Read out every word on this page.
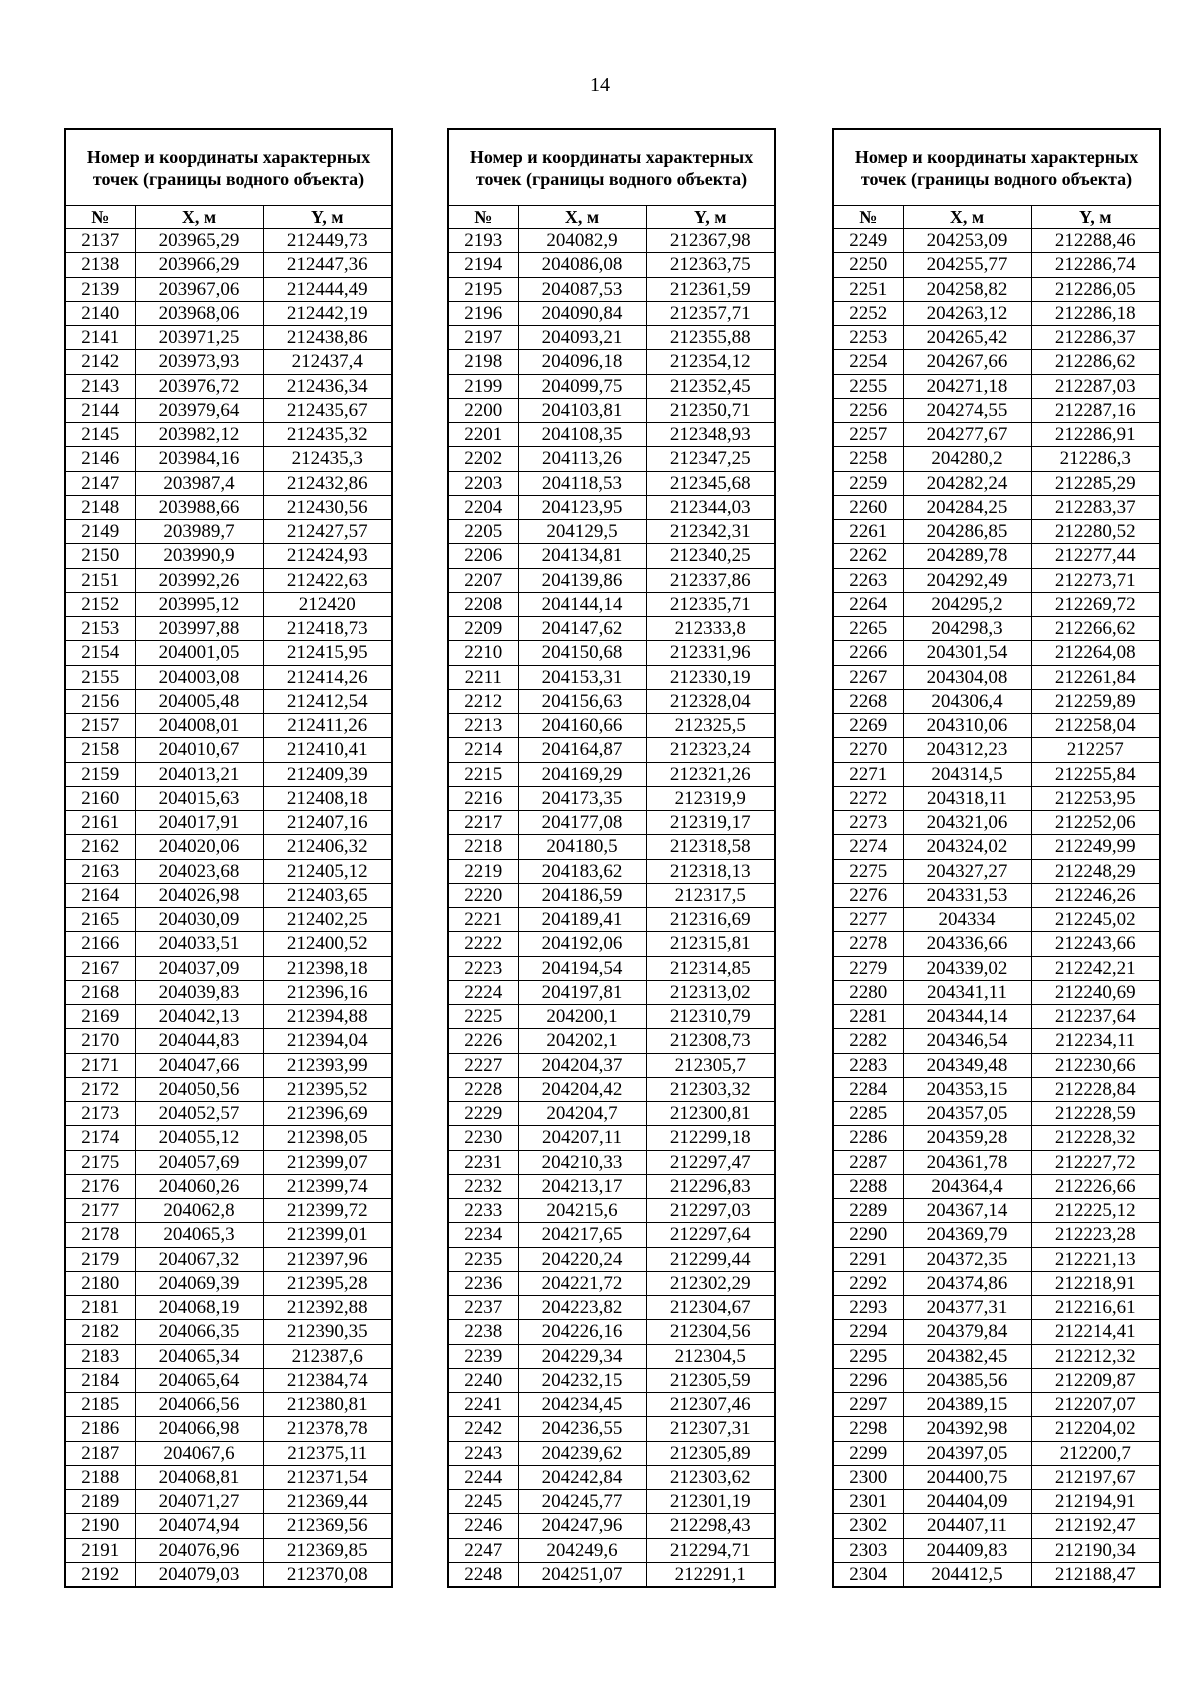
14
Номер и координаты характерных точек (границы водного объекта)		
№	X, м	Y, м
2137	203965,29	212449,73
2138	203966,29	212447,36
2139	203967,06	212444,49
2140	203968,06	212442,19
2141	203971,25	212438,86
2142	203973,93	212437,4
2143	203976,72	212436,34
2144	203979,64	212435,67
2145	203982,12	212435,32
2146	203984,16	212435,3
2147	203987,4	212432,86
2148	203988,66	212430,56
2149	203989,7	212427,57
2150	203990,9	212424,93
2151	203992,26	212422,63
2152	203995,12	212420
2153	203997,88	212418,73
2154	204001,05	212415,95
2155	204003,08	212414,26
2156	204005,48	212412,54
2157	204008,01	212411,26
2158	204010,67	212410,41
2159	204013,21	212409,39
2160	204015,63	212408,18
2161	204017,91	212407,16
2162	204020,06	212406,32
2163	204023,68	212405,12
2164	204026,98	212403,65
2165	204030,09	212402,25
2166	204033,51	212400,52
2167	204037,09	212398,18
2168	204039,83	212396,16
2169	204042,13	212394,88
2170	204044,83	212394,04
2171	204047,66	212393,99
2172	204050,56	212395,52
2173	204052,57	212396,69
2174	204055,12	212398,05
2175	204057,69	212399,07
2176	204060,26	212399,74
2177	204062,8	212399,72
2178	204065,3	212399,01
2179	204067,32	212397,96
2180	204069,39	212395,28
2181	204068,19	212392,88
2182	204066,35	212390,35
2183	204065,34	212387,6
2184	204065,64	212384,74
2185	204066,56	212380,81
2186	204066,98	212378,78
2187	204067,6	212375,11
2188	204068,81	212371,54
2189	204071,27	212369,44
2190	204074,94	212369,56
2191	204076,96	212369,85
2192	204079,03	212370,08
Номер и координаты характерных точек (границы водного объекта)		
№	X, м	Y, м
2193	204082,9	212367,98
2194	204086,08	212363,75
2195	204087,53	212361,59
2196	204090,84	212357,71
2197	204093,21	212355,88
2198	204096,18	212354,12
2199	204099,75	212352,45
2200	204103,81	212350,71
2201	204108,35	212348,93
2202	204113,26	212347,25
2203	204118,53	212345,68
2204	204123,95	212344,03
2205	204129,5	212342,31
2206	204134,81	212340,25
2207	204139,86	212337,86
2208	204144,14	212335,71
2209	204147,62	212333,8
2210	204150,68	212331,96
2211	204153,31	212330,19
2212	204156,63	212328,04
2213	204160,66	212325,5
2214	204164,87	212323,24
2215	204169,29	212321,26
2216	204173,35	212319,9
2217	204177,08	212319,17
2218	204180,5	212318,58
2219	204183,62	212318,13
2220	204186,59	212317,5
2221	204189,41	212316,69
2222	204192,06	212315,81
2223	204194,54	212314,85
2224	204197,81	212313,02
2225	204200,1	212310,79
2226	204202,1	212308,73
2227	204204,37	212305,7
2228	204204,42	212303,32
2229	204204,7	212300,81
2230	204207,11	212299,18
2231	204210,33	212297,47
2232	204213,17	212296,83
2233	204215,6	212297,03
2234	204217,65	212297,64
2235	204220,24	212299,44
2236	204221,72	212302,29
2237	204223,82	212304,67
2238	204226,16	212304,56
2239	204229,34	212304,5
2240	204232,15	212305,59
2241	204234,45	212307,46
2242	204236,55	212307,31
2243	204239,62	212305,89
2244	204242,84	212303,62
2245	204245,77	212301,19
2246	204247,96	212298,43
2247	204249,6	212294,71
2248	204251,07	212291,1
Номер и координаты характерных точек (границы водного объекта)		
№	X, м	Y, м
2249	204253,09	212288,46
2250	204255,77	212286,74
2251	204258,82	212286,05
2252	204263,12	212286,18
2253	204265,42	212286,37
2254	204267,66	212286,62
2255	204271,18	212287,03
2256	204274,55	212287,16
2257	204277,67	212286,91
2258	204280,2	212286,3
2259	204282,24	212285,29
2260	204284,25	212283,37
2261	204286,85	212280,52
2262	204289,78	212277,44
2263	204292,49	212273,71
2264	204295,2	212269,72
2265	204298,3	212266,62
2266	204301,54	212264,08
2267	204304,08	212261,84
2268	204306,4	212259,89
2269	204310,06	212258,04
2270	204312,23	212257
2271	204314,5	212255,84
2272	204318,11	212253,95
2273	204321,06	212252,06
2274	204324,02	212249,99
2275	204327,27	212248,29
2276	204331,53	212246,26
2277	204334	212245,02
2278	204336,66	212243,66
2279	204339,02	212242,21
2280	204341,11	212240,69
2281	204344,14	212237,64
2282	204346,54	212234,11
2283	204349,48	212230,66
2284	204353,15	212228,84
2285	204357,05	212228,59
2286	204359,28	212228,32
2287	204361,78	212227,72
2288	204364,4	212226,66
2289	204367,14	212225,12
2290	204369,79	212223,28
2291	204372,35	212221,13
2292	204374,86	212218,91
2293	204377,31	212216,61
2294	204379,84	212214,41
2295	204382,45	212212,32
2296	204385,56	212209,87
2297	204389,15	212207,07
2298	204392,98	212204,02
2299	204397,05	212200,7
2300	204400,75	212197,67
2301	204404,09	212194,91
2302	204407,11	212192,47
2303	204409,83	212190,34
2304	204412,5	212188,47
